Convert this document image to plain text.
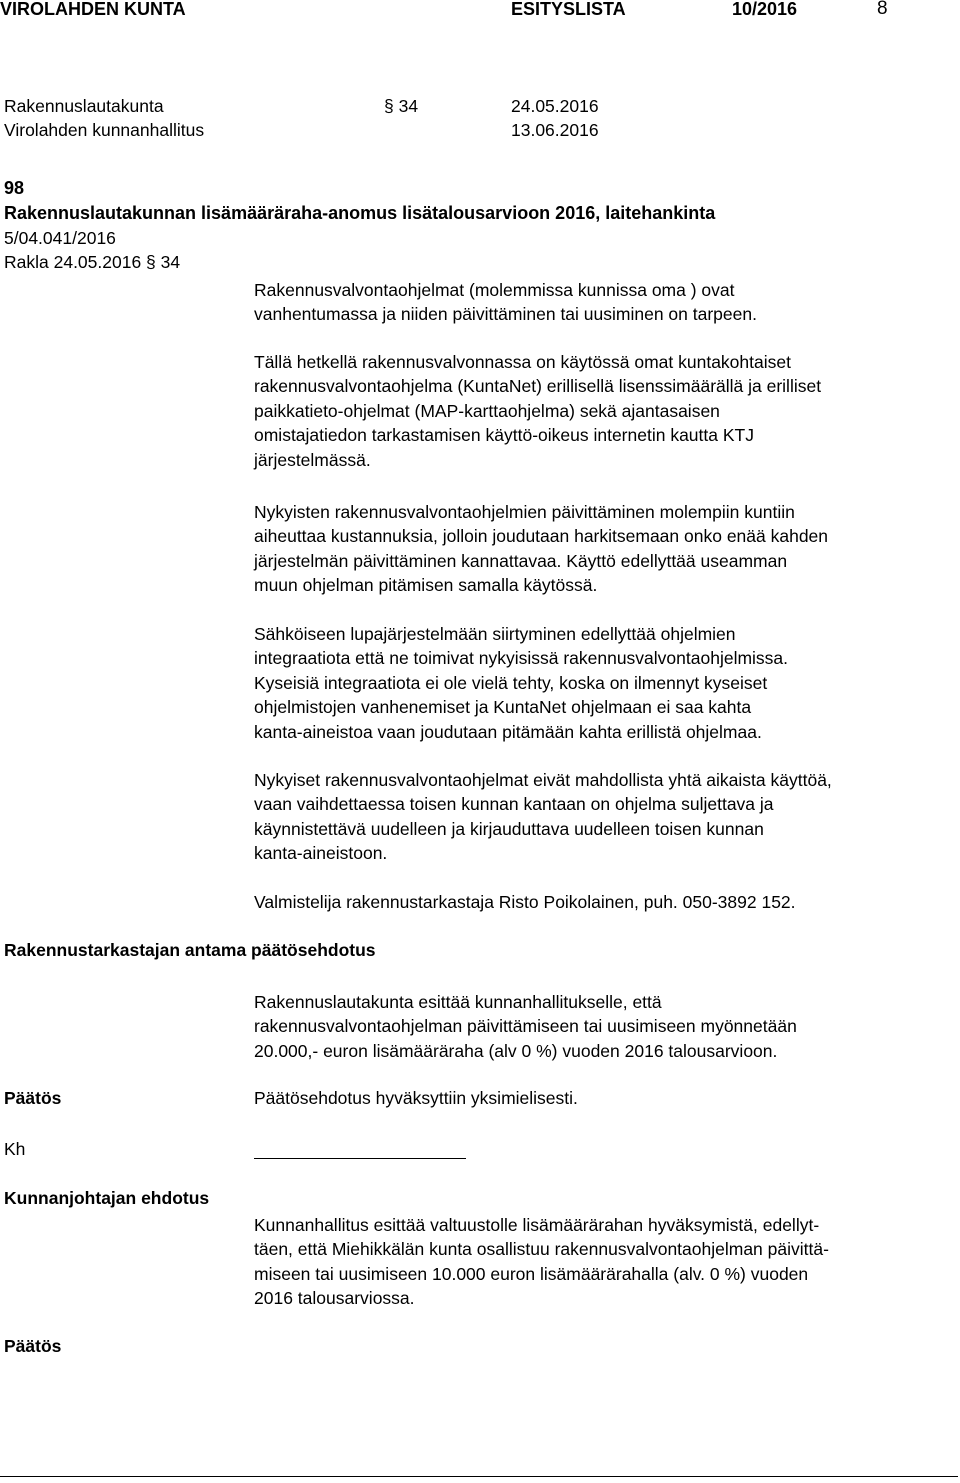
VIROLAHDEN KUNTA	ESITYSLISTA	10/2016	8
Rakennuslautakunta	§ 34	24.05.2016
Virolahden kunnanhallitus	13.06.2016
98
Rakennuslautakunnan lisämääräraha-anomus lisätalousarvioon 2016, laitehankinta
5/04.041/2016
Rakla 24.05.2016 § 34
Rakennusvalvontaohjelmat (molemmissa kunnissa oma ) ovat
vanhentumassa ja niiden päivittäminen tai uusiminen on tarpeen.
Tällä hetkellä rakennusvalvonnassa on käytössä omat kuntakohtaiset
rakennusvalvontaohjelma (KuntaNet) erillisellä lisenssimäärällä ja erilliset
paikkatieto-ohjelmat (MAP-karttaohjelma) sekä ajantasaisen
omistajatiedon tarkastamisen käyttö-oikeus internetin kautta KTJ
järjestelmässä.
Nykyisten rakennusvalvontaohjelmien päivittäminen molempiin kuntiin
aiheuttaa kustannuksia, jolloin joudutaan harkitsemaan onko enää kahden
järjestelmän päivittäminen kannattavaa. Käyttö edellyttää useamman
muun ohjelman pitämisen samalla käytössä.
Sähköiseen lupajärjestelmään siirtyminen edellyttää ohjelmien
integraatiota että ne toimivat nykyisissä rakennusvalvontaohjelmissa.
Kyseisiä integraatiota ei ole vielä tehty, koska on ilmennyt kyseiset
ohjelmistojen vanhenemiset ja KuntaNet ohjelmaan ei saa kahta
kanta-aineistoa vaan joudutaan pitämään kahta erillistä ohjelmaa.
Nykyiset rakennusvalvontaohjelmat eivät mahdollista yhtä aikaista käyttöä,
vaan vaihdettaessa toisen kunnan kantaan on ohjelma suljettava ja
käynnistettävä uudelleen ja kirjauduttava uudelleen toisen kunnan
kanta-aineistoon.
Valmistelija rakennustarkastaja Risto Poikolainen, puh. 050-3892 152.
Rakennustarkastajan antama päätösehdotus
Rakennuslautakunta esittää kunnanhallitukselle, että
rakennusvalvontaohjelman päivittämiseen tai uusimiseen myönnetään
20.000,- euron lisämääräraha (alv 0 %) vuoden 2016 talousarvioon.
Päätös	Päätösehdotus hyväksyttiin yksimielisesti.
Kh
Kunnanjohtajan ehdotus
Kunnanhallitus esittää valtuustolle lisämäärärahan hyväksymistä, edellyt-
täen, että Miehikkälän kunta osallistuu rakennusvalvontaohjelman päivittä-
miseen tai uusimiseen 10.000 euron lisämäärärahalla (alv. 0 %) vuoden
2016 talousarviossa.
Päätös
